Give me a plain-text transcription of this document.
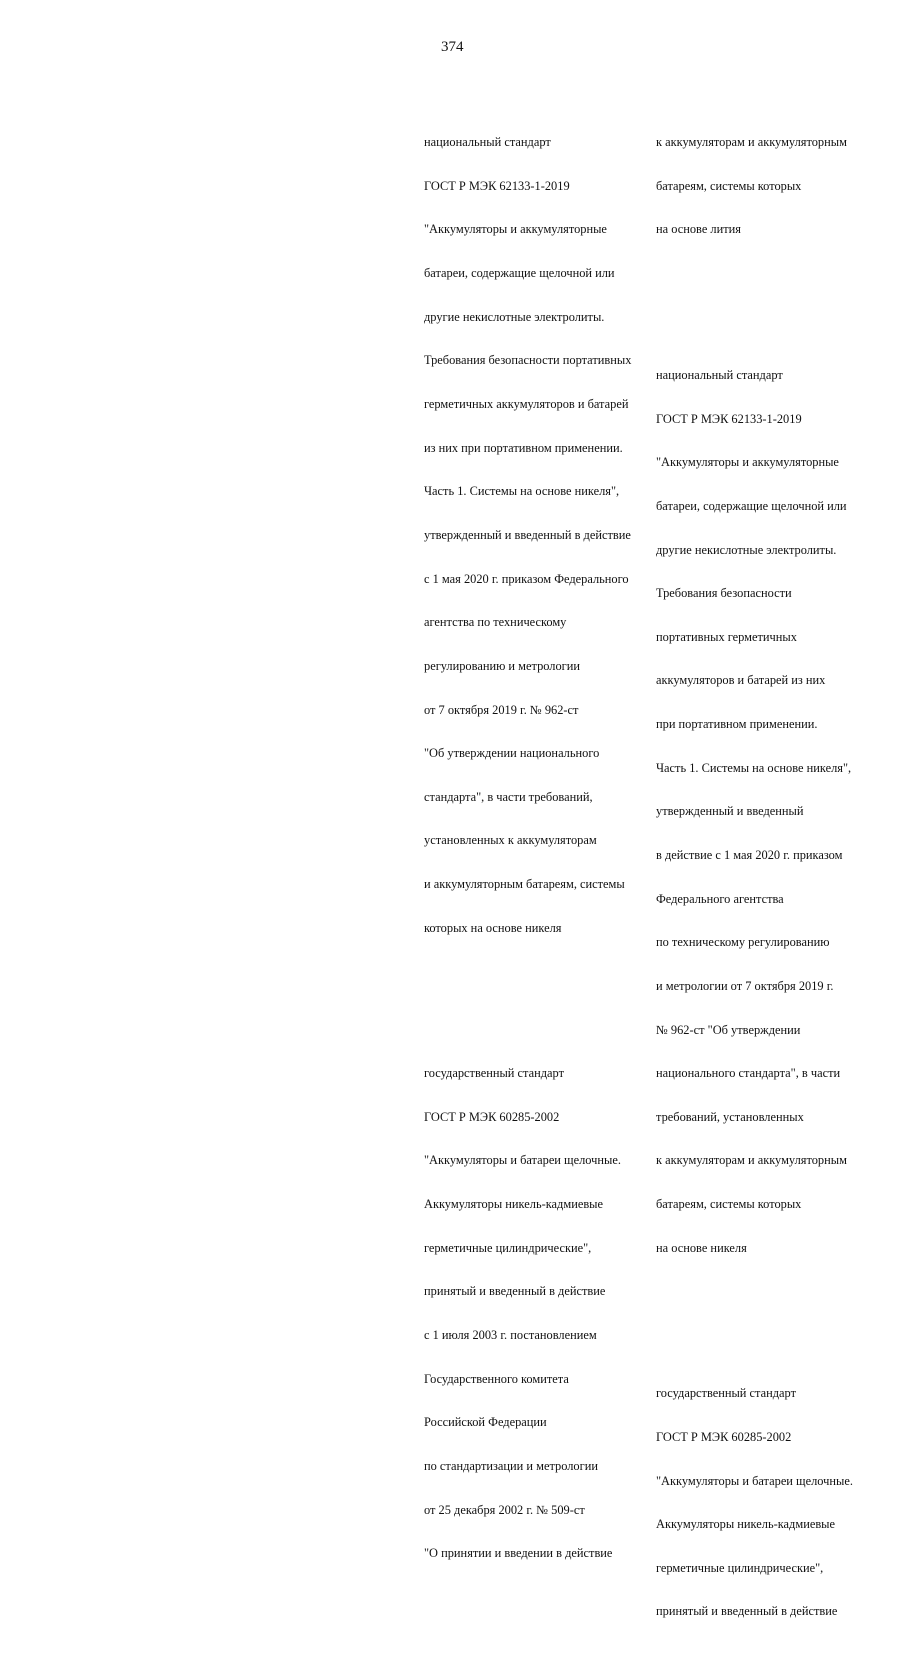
374

национальный стандарт

ГОСТ Р МЭК 62133-1-2019

"Аккумуляторы и аккумуляторные

батареи, содержащие щелочной или

другие некислотные электролиты.

Требования безопасности портативных

герметичных аккумуляторов и батарей

из них при портативном применении.

Часть 1. Системы на основе никеля",

утвержденный и введенный в действие

с 1 мая 2020 г. приказом Федерального

агентства по техническому

регулированию и метрологии

от 7 октября 2019 г. № 962-ст

"Об утверждении национального

стандарта", в части требований,

установленных к аккумуляторам

и аккумуляторным батареям, системы

которых на основе никеля

государственный стандарт

ГОСТ Р МЭК 60285-2002

"Аккумуляторы и батареи щелочные.

Аккумуляторы никель-кадмиевые

герметичные цилиндрические",

принятый и введенный в действие

с 1 июля 2003 г. постановлением

Государственного комитета

Российской Федерации

по стандартизации и метрологии

от 25 декабря 2002 г. № 509-ст

"О принятии и введении в действие

к аккумуляторам и аккумуляторным

батареям, системы которых

на основе лития

национальный стандарт

ГОСТ Р МЭК 62133-1-2019

"Аккумуляторы и аккумуляторные

батареи, содержащие щелочной или

другие некислотные электролиты.

Требования безопасности

портативных герметичных

аккумуляторов и батарей из них

при портативном применении.

Часть 1. Системы на основе никеля",

утвержденный и введенный

в действие с 1 мая 2020 г. приказом

Федерального агентства

по техническому регулированию

и метрологии от 7 октября 2019 г.

№ 962-ст "Об утверждении

национального стандарта", в части

требований, установленных

к аккумуляторам и аккумуляторным

батареям, системы которых

на основе никеля

государственный стандарт

ГОСТ Р МЭК 60285-2002

"Аккумуляторы и батареи щелочные.

Аккумуляторы никель-кадмиевые

герметичные цилиндрические",

принятый и введенный в действие
